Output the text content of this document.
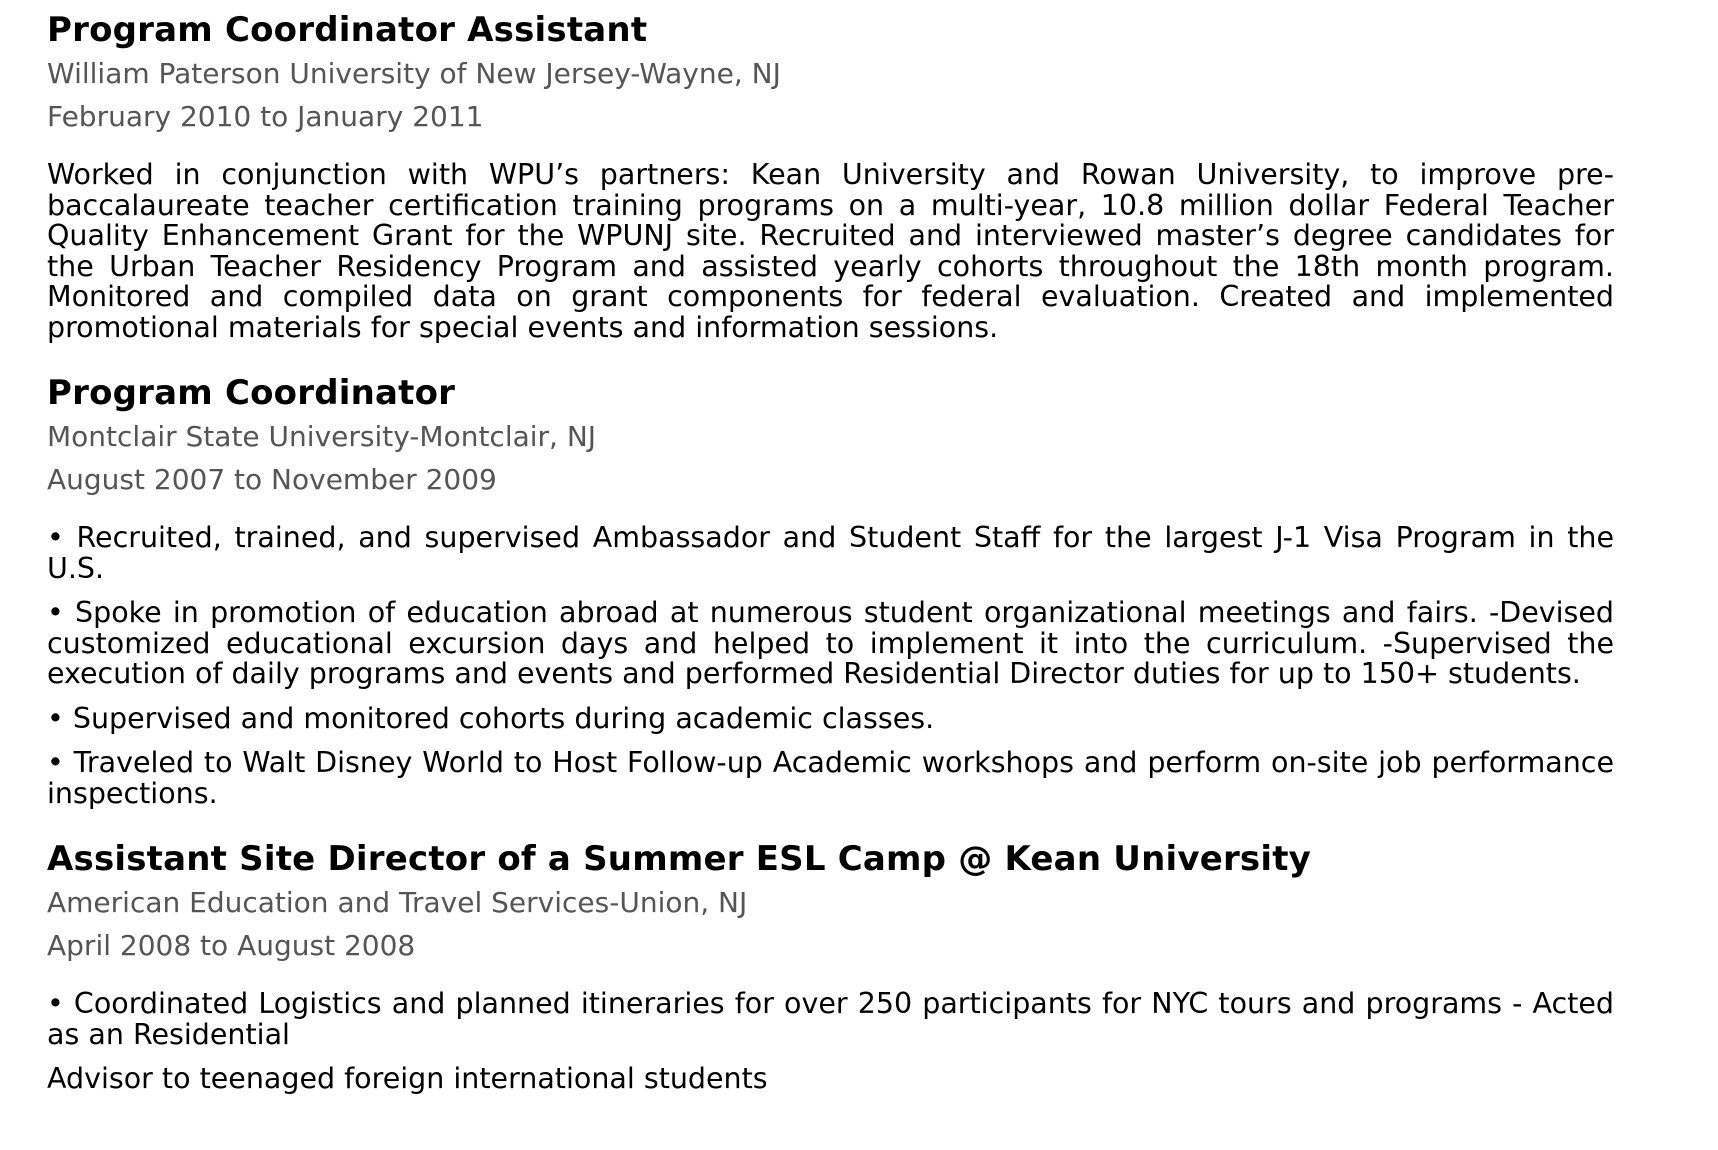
Program Coordinator Assistant
William Paterson University of New Jersey-Wayne, NJ
February 2010 to January 2011

Worked in conjunction with WPU’s partners: Kean University and Rowan University, to improve pre-baccalaureate teacher certification training programs on a multi-year, 10.8 million dollar Federal Teacher Quality Enhancement Grant for the WPUNJ site. Recruited and interviewed master’s degree candidates for the Urban Teacher Residency Program and assisted yearly cohorts throughout the 18th month program. Monitored and compiled data on grant components for federal evaluation. Created and implemented promotional materials for special events and information sessions.

Program Coordinator
Montclair State University-Montclair, NJ
August 2007 to November 2009

• Recruited, trained, and supervised Ambassador and Student Staff for the largest J-1 Visa Program in the U.S.

• Spoke in promotion of education abroad at numerous student organizational meetings and fairs. -Devised customized educational excursion days and helped to implement it into the curriculum. -Supervised the execution of daily programs and events and performed Residential Director duties for up to 150+ students.

• Supervised and monitored cohorts during academic classes.

• Traveled to Walt Disney World to Host Follow-up Academic workshops and perform on-site job performance inspections.

Assistant Site Director of a Summer ESL Camp @ Kean University
American Education and Travel Services-Union, NJ
April 2008 to August 2008

• Coordinated Logistics and planned itineraries for over 250 participants for NYC tours and programs - Acted as an Residential

Advisor to teenaged foreign international students
